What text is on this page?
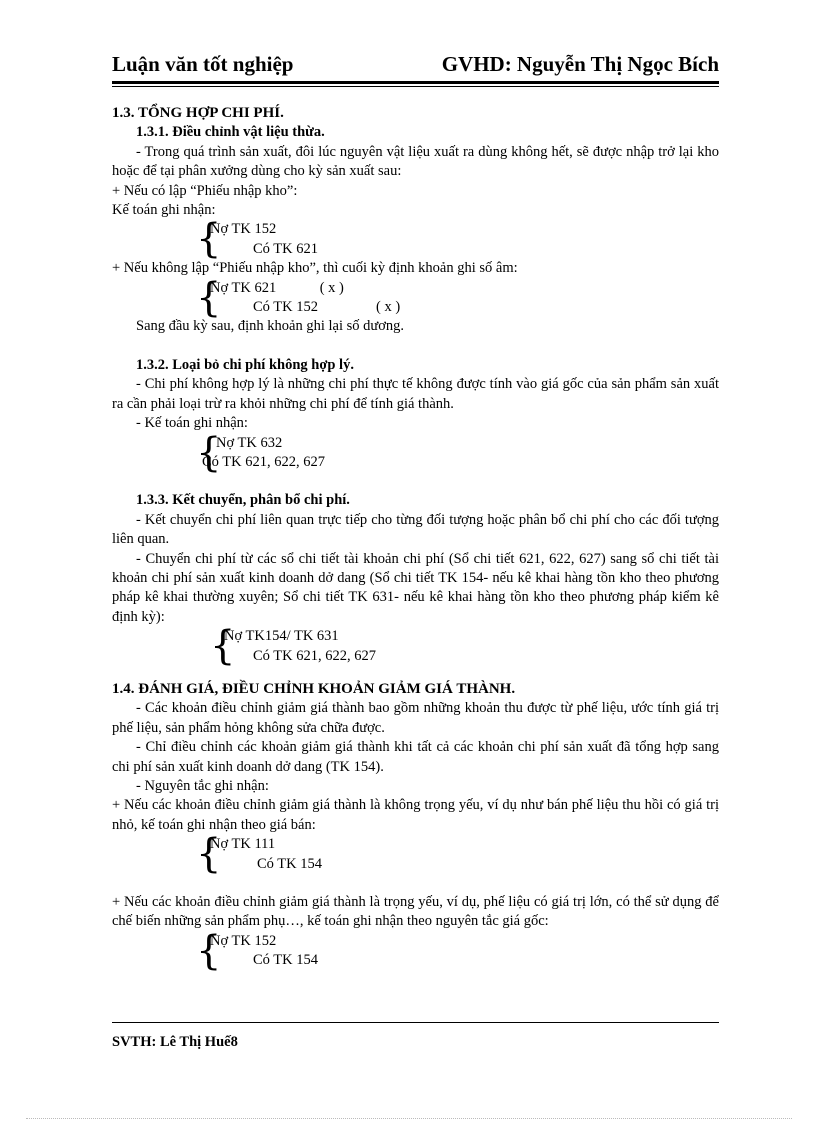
Luận văn tốt nghiệp	GVHD: Nguyễn Thị Ngọc Bích

1.3. TỔNG HỢP CHI PHÍ.

1.3.1. Điều chỉnh vật liệu thừa.

- Trong quá trình sản xuất, đôi lúc nguyên vật liệu xuất ra dùng không hết, sẽ được nhập trở lại kho hoặc để tại phân xưởng dùng cho kỳ sản xuất sau:

+ Nếu có lập “Phiếu nhập kho”:

Kế toán ghi nhận:

{
Nợ TK 152
Có TK 621

+ Nếu không lập “Phiếu nhập kho”, thì cuối kỳ định khoản ghi số âm:

{
Nợ TK 621            ( x )
Có TK 152                ( x )

Sang đầu kỳ sau, định khoản ghi lại số dương.

1.3.2. Loại bỏ chi phí không hợp lý.

- Chi phí không hợp lý là những chi phí thực tế không được tính vào giá gốc của sản phẩm sản xuất ra cần phải loại trừ ra khỏi những chi phí để tính giá thành.

- Kế toán ghi nhận:

{
Nợ TK 632
Có TK 621, 622, 627

1.3.3. Kết chuyển, phân bổ chi phí.

- Kết chuyển chi phí liên quan trực tiếp cho từng đối tượng hoặc phân bổ chi phí cho các đối tượng liên quan.

- Chuyển chi phí từ các sổ chi tiết tài khoản chi phí (Sổ chi tiết 621, 622, 627) sang sổ chi tiết tài khoản chi phí sản xuất kinh doanh dở dang (Sổ chi tiết TK 154- nếu kê khai hàng tồn kho theo phương pháp kê khai thường xuyên; Sổ chi tiết TK 631- nếu kê khai hàng tồn kho theo phương pháp kiểm kê định kỳ):

{
Nợ TK154/ TK 631
Có TK 621, 622, 627

1.4. ĐÁNH GIÁ, ĐIỀU CHỈNH KHOẢN GIẢM GIÁ THÀNH.

- Các khoản điều chỉnh giảm giá thành bao gồm những khoản thu được từ phế liệu, ước tính giá trị phế liệu, sản phẩm hỏng không sửa chữa được.

- Chỉ điều chỉnh các khoản giảm giá thành khi tất cả các khoản chi phí sản xuất đã tổng hợp sang chi phí sản xuất kinh doanh dở dang (TK 154).

- Nguyên tắc ghi nhận:

+ Nếu các khoản điều chỉnh giảm giá thành là không trọng yếu, ví dụ như bán phế liệu thu hồi có giá trị nhỏ, kế toán ghi nhận theo giá bán:

{
Nợ TK 111
Có TK 154

+ Nếu các khoản điều chỉnh giảm giá thành là trọng yếu, ví dụ, phế liệu có giá trị lớn, có thể sử dụng để chế biến những sản phẩm phụ…, kế toán ghi nhận theo nguyên tắc giá gốc:

{
Nợ TK 152
Có TK 154
SVTH: Lê Thị Huế8
